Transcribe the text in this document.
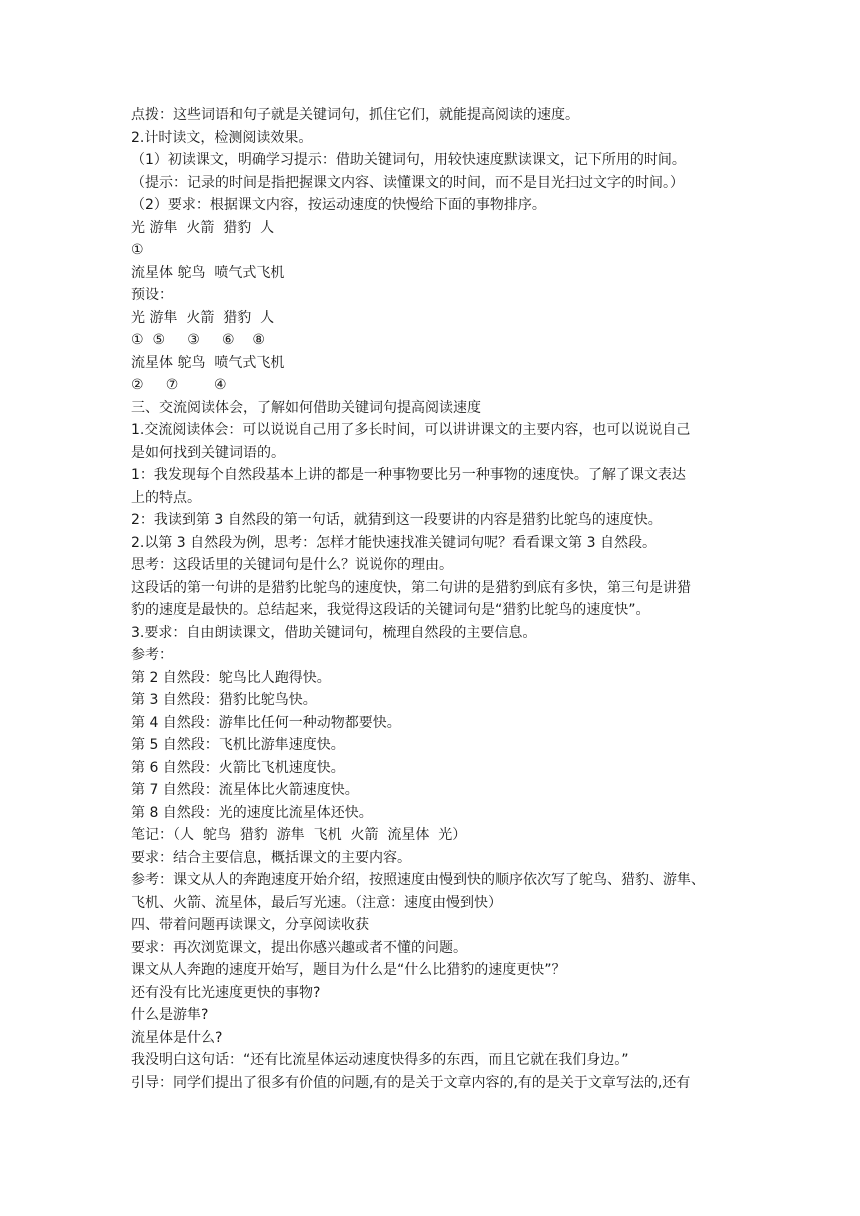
点拨：这些词语和句子就是关键词句，抓住它们，就能提高阅读的速度。
2.计时读文，检测阅读效果。
（1）初读课文，明确学习提示：借助关键词句，用较快速度默读课文，记下所用的时间。
（提示：记录的时间是指把握课文内容、读懂课文的时间，而不是目光扫过文字的时间。）
（2）要求：根据课文内容，按运动速度的快慢给下面的事物排序。
光 游隼  火箭  猎豹  人
①
流星体 鸵鸟  喷气式飞机
预设：
光 游隼  火箭  猎豹  人
①  ⑤     ③     ⑥    ⑧
流星体 鸵鸟  喷气式飞机
②     ⑦        ④
三、交流阅读体会，了解如何借助关键词句提高阅读速度
1.交流阅读体会：可以说说自己用了多长时间，可以讲讲课文的主要内容，也可以说说自己
是如何找到关键词语的。
1：我发现每个自然段基本上讲的都是一种事物要比另一种事物的速度快。了解了课文表达
上的特点。
2：我读到第 3 自然段的第一句话，就猜到这一段要讲的内容是猎豹比鸵鸟的速度快。
2.以第 3 自然段为例，思考：怎样才能快速找准关键词句呢？看看课文第 3 自然段。
思考：这段话里的关键词句是什么？说说你的理由。
这段话的第一句讲的是猎豹比鸵鸟的速度快，第二句讲的是猎豹到底有多快，第三句是讲猎
豹的速度是最快的。总结起来，我觉得这段话的关键词句是“猎豹比鸵鸟的速度快”。
3.要求：自由朗读课文，借助关键词句，梳理自然段的主要信息。
参考：
第 2 自然段：鸵鸟比人跑得快。
第 3 自然段：猎豹比鸵鸟快。
第 4 自然段：游隼比任何一种动物都要快。
第 5 自然段：飞机比游隼速度快。
第 6 自然段：火箭比飞机速度快。
第 7 自然段：流星体比火箭速度快。
第 8 自然段：光的速度比流星体还快。
笔记：（人  鸵鸟  猎豹  游隼  飞机  火箭  流星体  光）
要求：结合主要信息，概括课文的主要内容。
参考：课文从人的奔跑速度开始介绍，按照速度由慢到快的顺序依次写了鸵鸟、猎豹、游隼、
飞机、火箭、流星体，最后写光速。（注意：速度由慢到快）
四、带着问题再读课文，分享阅读收获
要求：再次浏览课文，提出你感兴趣或者不懂的问题。
课文从人奔跑的速度开始写，题目为什么是“什么比猎豹的速度更快”？
还有没有比光速度更快的事物?
什么是游隼?
流星体是什么?
我没明白这句话：“还有比流星体运动速度快得多的东西，而且它就在我们身边。”
引导：同学们提出了很多有价值的问题,有的是关于文章内容的,有的是关于文章写法的,还有
